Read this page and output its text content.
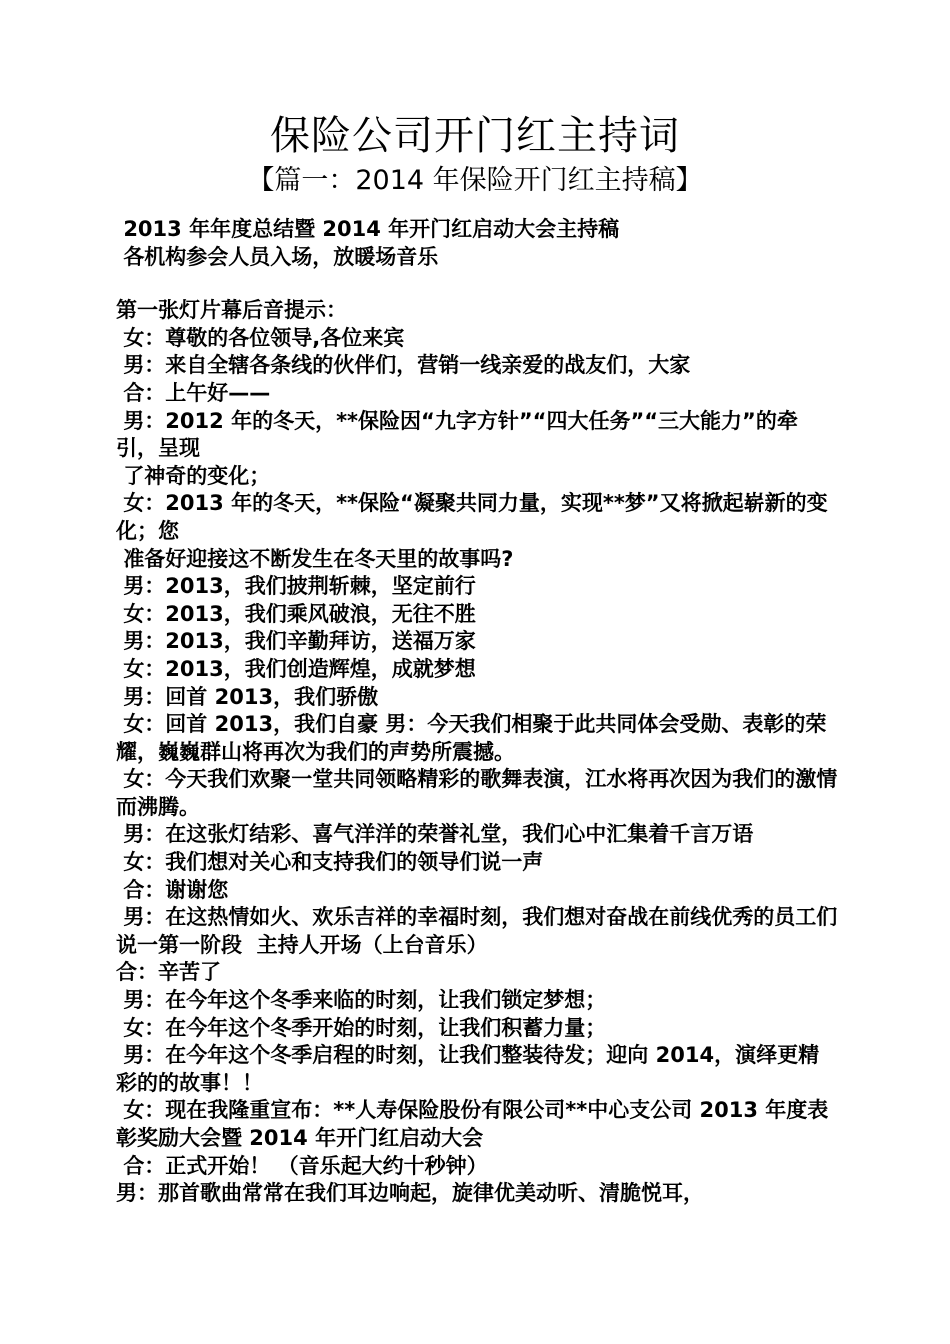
保险公司开门红主持词
【篇一：2014 年保险开门红主持稿】
2013 年年度总结暨 2014 年开门红启动大会主持稿
各机构参会人员入场，放暖场音乐
第一张灯片幕后音提示：
女：尊敬的各位领导,各位来宾
男：来自全辖各条线的伙伴们，营销一线亲爱的战友们，大家
合：上午好——
男：2012 年的冬天，**保险因“九字方针”“四大任务”“三大能力”的牵引，呈现
了神奇的变化；
女：2013 年的冬天，**保险“凝聚共同力量，实现**梦”又将掀起崭新的变化；您
准备好迎接这不断发生在冬天里的故事吗?
男：2013，我们披荆斩棘，坚定前行
女：2013，我们乘风破浪，无往不胜
男：2013，我们辛勤拜访，送福万家
女：2013，我们创造辉煌，成就梦想
男：回首 2013，我们骄傲
女：回首 2013，我们自豪 男：今天我们相聚于此共同体会受勋、表彰的荣耀，巍巍群山将再次为我们的声势所震撼。
女：今天我们欢聚一堂共同领略精彩的歌舞表演，江水将再次因为我们的激情而沸腾。
男：在这张灯结彩、喜气洋洋的荣誉礼堂，我们心中汇集着千言万语
女：我们想对关心和支持我们的领导们说一声
合：谢谢您
男：在这热情如火、欢乐吉祥的幸福时刻，我们想对奋战在前线优秀的员工们说一第一阶段  主持人开场（上台音乐）
合：辛苦了
男：在今年这个冬季来临的时刻，让我们锁定梦想；
女：在今年这个冬季开始的时刻，让我们积蓄力量；
男：在今年这个冬季启程的时刻，让我们整装待发；迎向 2014，演绎更精彩的的故事！！
女：现在我隆重宣布：**人寿保险股份有限公司**中心支公司 2013 年度表彰奖励大会暨 2014 年开门红启动大会
合：正式开始！ （音乐起大约十秒钟）
男：那首歌曲常常在我们耳边响起，旋律优美动听、清脆悦耳，
